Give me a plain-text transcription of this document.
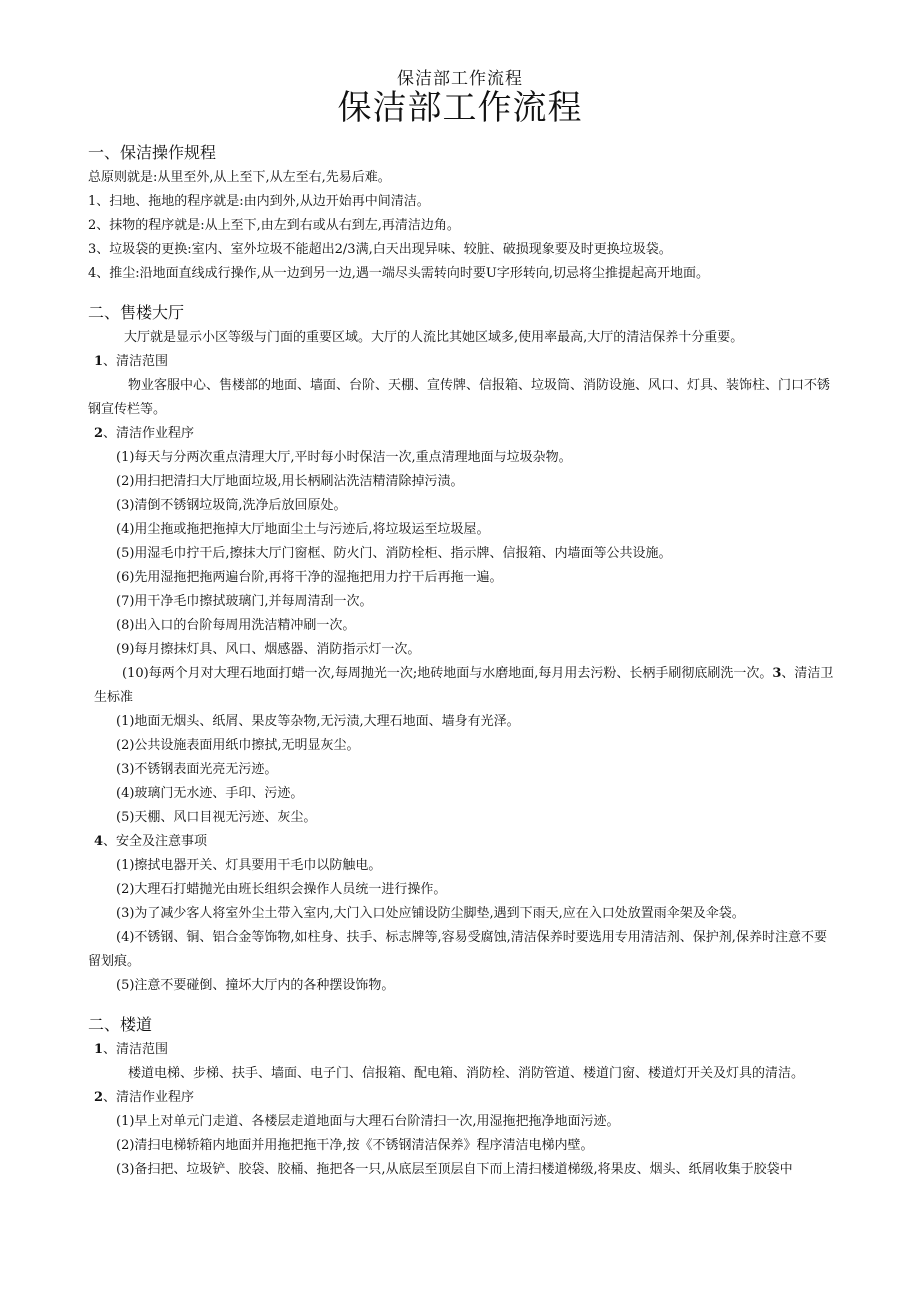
保洁部工作流程
保洁部工作流程

一、保洁操作规程

总原则就是:从里至外,从上至下,从左至右,先易后难。

1、扫地、拖地的程序就是:由内到外,从边开始再中间清洁。

2、抹物的程序就是:从上至下,由左到右或从右到左,再清洁边角。

3、垃圾袋的更换:室内、室外垃圾不能超出2/3满,白天出现异味、较脏、破损现象要及时更换垃圾袋。

4、推尘:沿地面直线成行操作,从一边到另一边,遇一端尽头需转向时要U字形转向,切忌将尘推提起高开地面。

二、售楼大厅

大厅就是显示小区等级与门面的重要区域。大厅的人流比其她区域多,使用率最高,大厅的清洁保养十分重要。

1、清洁范围

物业客服中心、售楼部的地面、墙面、台阶、天棚、宣传牌、信报箱、垃圾筒、消防设施、风口、灯具、装饰柱、门口不锈钢宣传栏等。

2、清洁作业程序

(1)每天与分两次重点清理大厅,平时每小时保洁一次,重点清理地面与垃圾杂物。

(2)用扫把清扫大厅地面垃圾,用长柄刷沾洗洁精清除掉污渍。

(3)清倒不锈钢垃圾筒,洗净后放回原处。

(4)用尘拖或拖把拖掉大厅地面尘土与污迹后,将垃圾运至垃圾屋。

(5)用湿毛巾拧干后,擦抹大厅门窗框、防火门、消防栓柜、指示牌、信报箱、内墙面等公共设施。

(6)先用湿拖把拖两遍台阶,再将干净的湿拖把用力拧干后再拖一遍。

(7)用干净毛巾擦拭玻璃门,并每周清刮一次。

(8)出入口的台阶每周用洗洁精冲刷一次。

(9)每月擦抹灯具、风口、烟感器、消防指示灯一次。

(10)每两个月对大理石地面打蜡一次,每周抛光一次;地砖地面与水磨地面,每月用去污粉、长柄手刷彻底刷洗一次。3、清洁卫生标准

(1)地面无烟头、纸屑、果皮等杂物,无污渍,大理石地面、墙身有光泽。

(2)公共设施表面用纸巾擦拭,无明显灰尘。

(3)不锈钢表面光亮无污迹。

(4)玻璃门无水迹、手印、污迹。

(5)天棚、风口目视无污迹、灰尘。

4、安全及注意事项

(1)擦拭电器开关、灯具要用干毛巾以防触电。

(2)大理石打蜡抛光由班长组织会操作人员统一进行操作。

(3)为了减少客人将室外尘土带入室内,大门入口处应铺设防尘脚垫,遇到下雨天,应在入口处放置雨伞架及伞袋。

(4)不锈钢、铜、铝合金等饰物,如柱身、扶手、标志牌等,容易受腐蚀,清洁保养时要选用专用清洁剂、保护剂,保养时注意不要留划痕。

(5)注意不要碰倒、撞坏大厅内的各种摆设饰物。

二、楼道

1、清洁范围

楼道电梯、步梯、扶手、墙面、电子门、信报箱、配电箱、消防栓、消防管道、楼道门窗、楼道灯开关及灯具的清洁。

2、清洁作业程序

(1)早上对单元门走道、各楼层走道地面与大理石台阶清扫一次,用湿拖把拖净地面污迹。

(2)清扫电梯轿箱内地面并用拖把拖干净,按《不锈钢清洁保养》程序清洁电梯内壁。

(3)备扫把、垃圾铲、胶袋、胶桶、拖把各一只,从底层至顶层自下而上清扫楼道梯级,将果皮、烟头、纸屑收集于胶袋中
